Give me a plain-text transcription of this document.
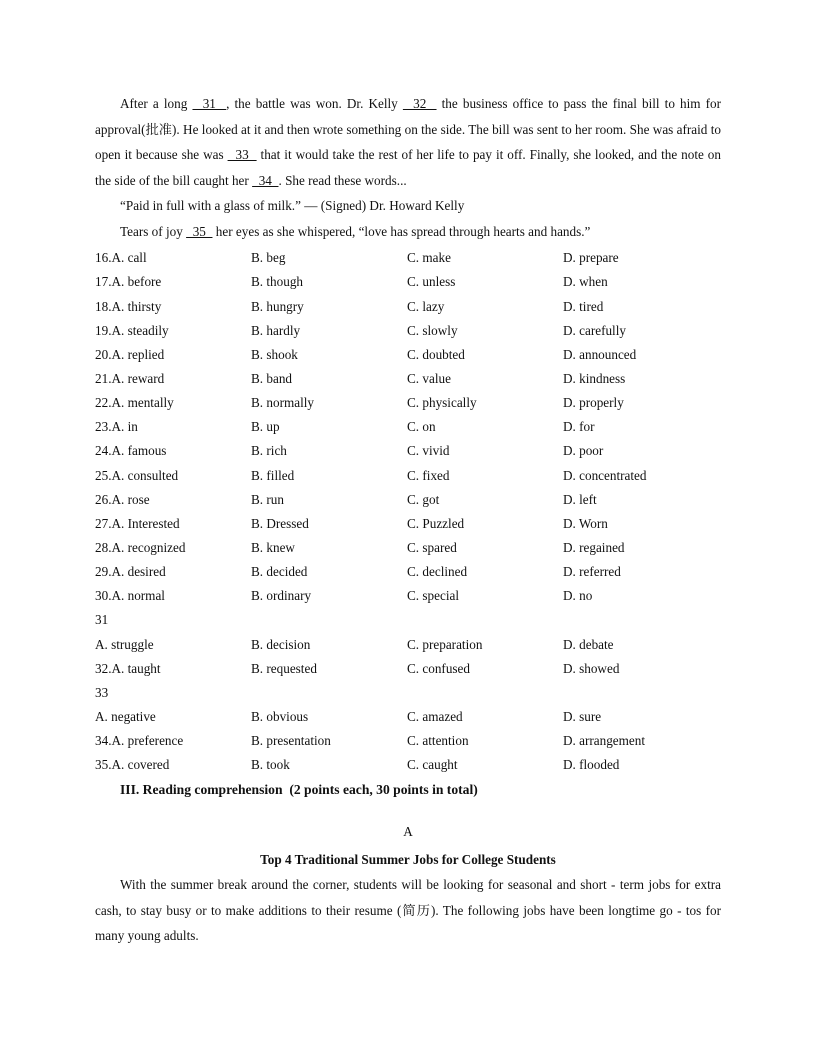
After a long   31  , the battle was won. Dr. Kelly   32   the business office to pass the final bill to him for approval(批准). He looked at it and then wrote something on the side. The bill was sent to her room. She was afraid to open it because she was   33   that it would take the rest of her life to pay it off. Finally, she looked, and the note on the side of the bill caught her   34  . She read these words...
“Paid in full with a glass of milk.” — (Signed) Dr. Howard Kelly
Tears of joy   35   her eyes as she whispered, “love has spread through hearts and hands.”
16.A. call	B. beg	C. make	D. prepare
17.A. before	B. though	C. unless	D. when
18.A. thirsty	B. hungry	C. lazy	D. tired
19.A. steadily	B. hardly	C. slowly	D. carefully
20.A. replied	B. shook	C. doubted	D. announced
21.A. reward	B. band	C. value	D. kindness
22.A. mentally	B. normally	C. physically	D. properly
23.A. in	B. up	C. on	D. for
24.A. famous	B. rich	C. vivid	D. poor
25.A. consulted	B. filled	C. fixed	D. concentrated
26.A. rose	B. run	C. got	D. left
27.A. Interested	B. Dressed	C. Puzzled	D. Worn
28.A. recognized	B. knew	C. spared	D. regained
29.A. desired	B. decided	C. declined	D. referred
30.A. normal	B. ordinary	C. special	D. no
31
A. struggle	B. decision	C. preparation	D. debate
32.A. taught	B. requested	C. confused	D. showed
33
A. negative	B. obvious	C. amazed	D. sure
34.A. preference	B. presentation	C. attention	D. arrangement
35.A. covered	B. took	C. caught	D. flooded
III. Reading comprehension  (2 points each, 30 points in total)
A
Top 4 Traditional Summer Jobs for College Students
With the summer break around the corner, students will be looking for seasonal and short - term jobs for extra cash, to stay busy or to make additions to their resume (简历). The following jobs have been longtime go - tos for many young adults.
